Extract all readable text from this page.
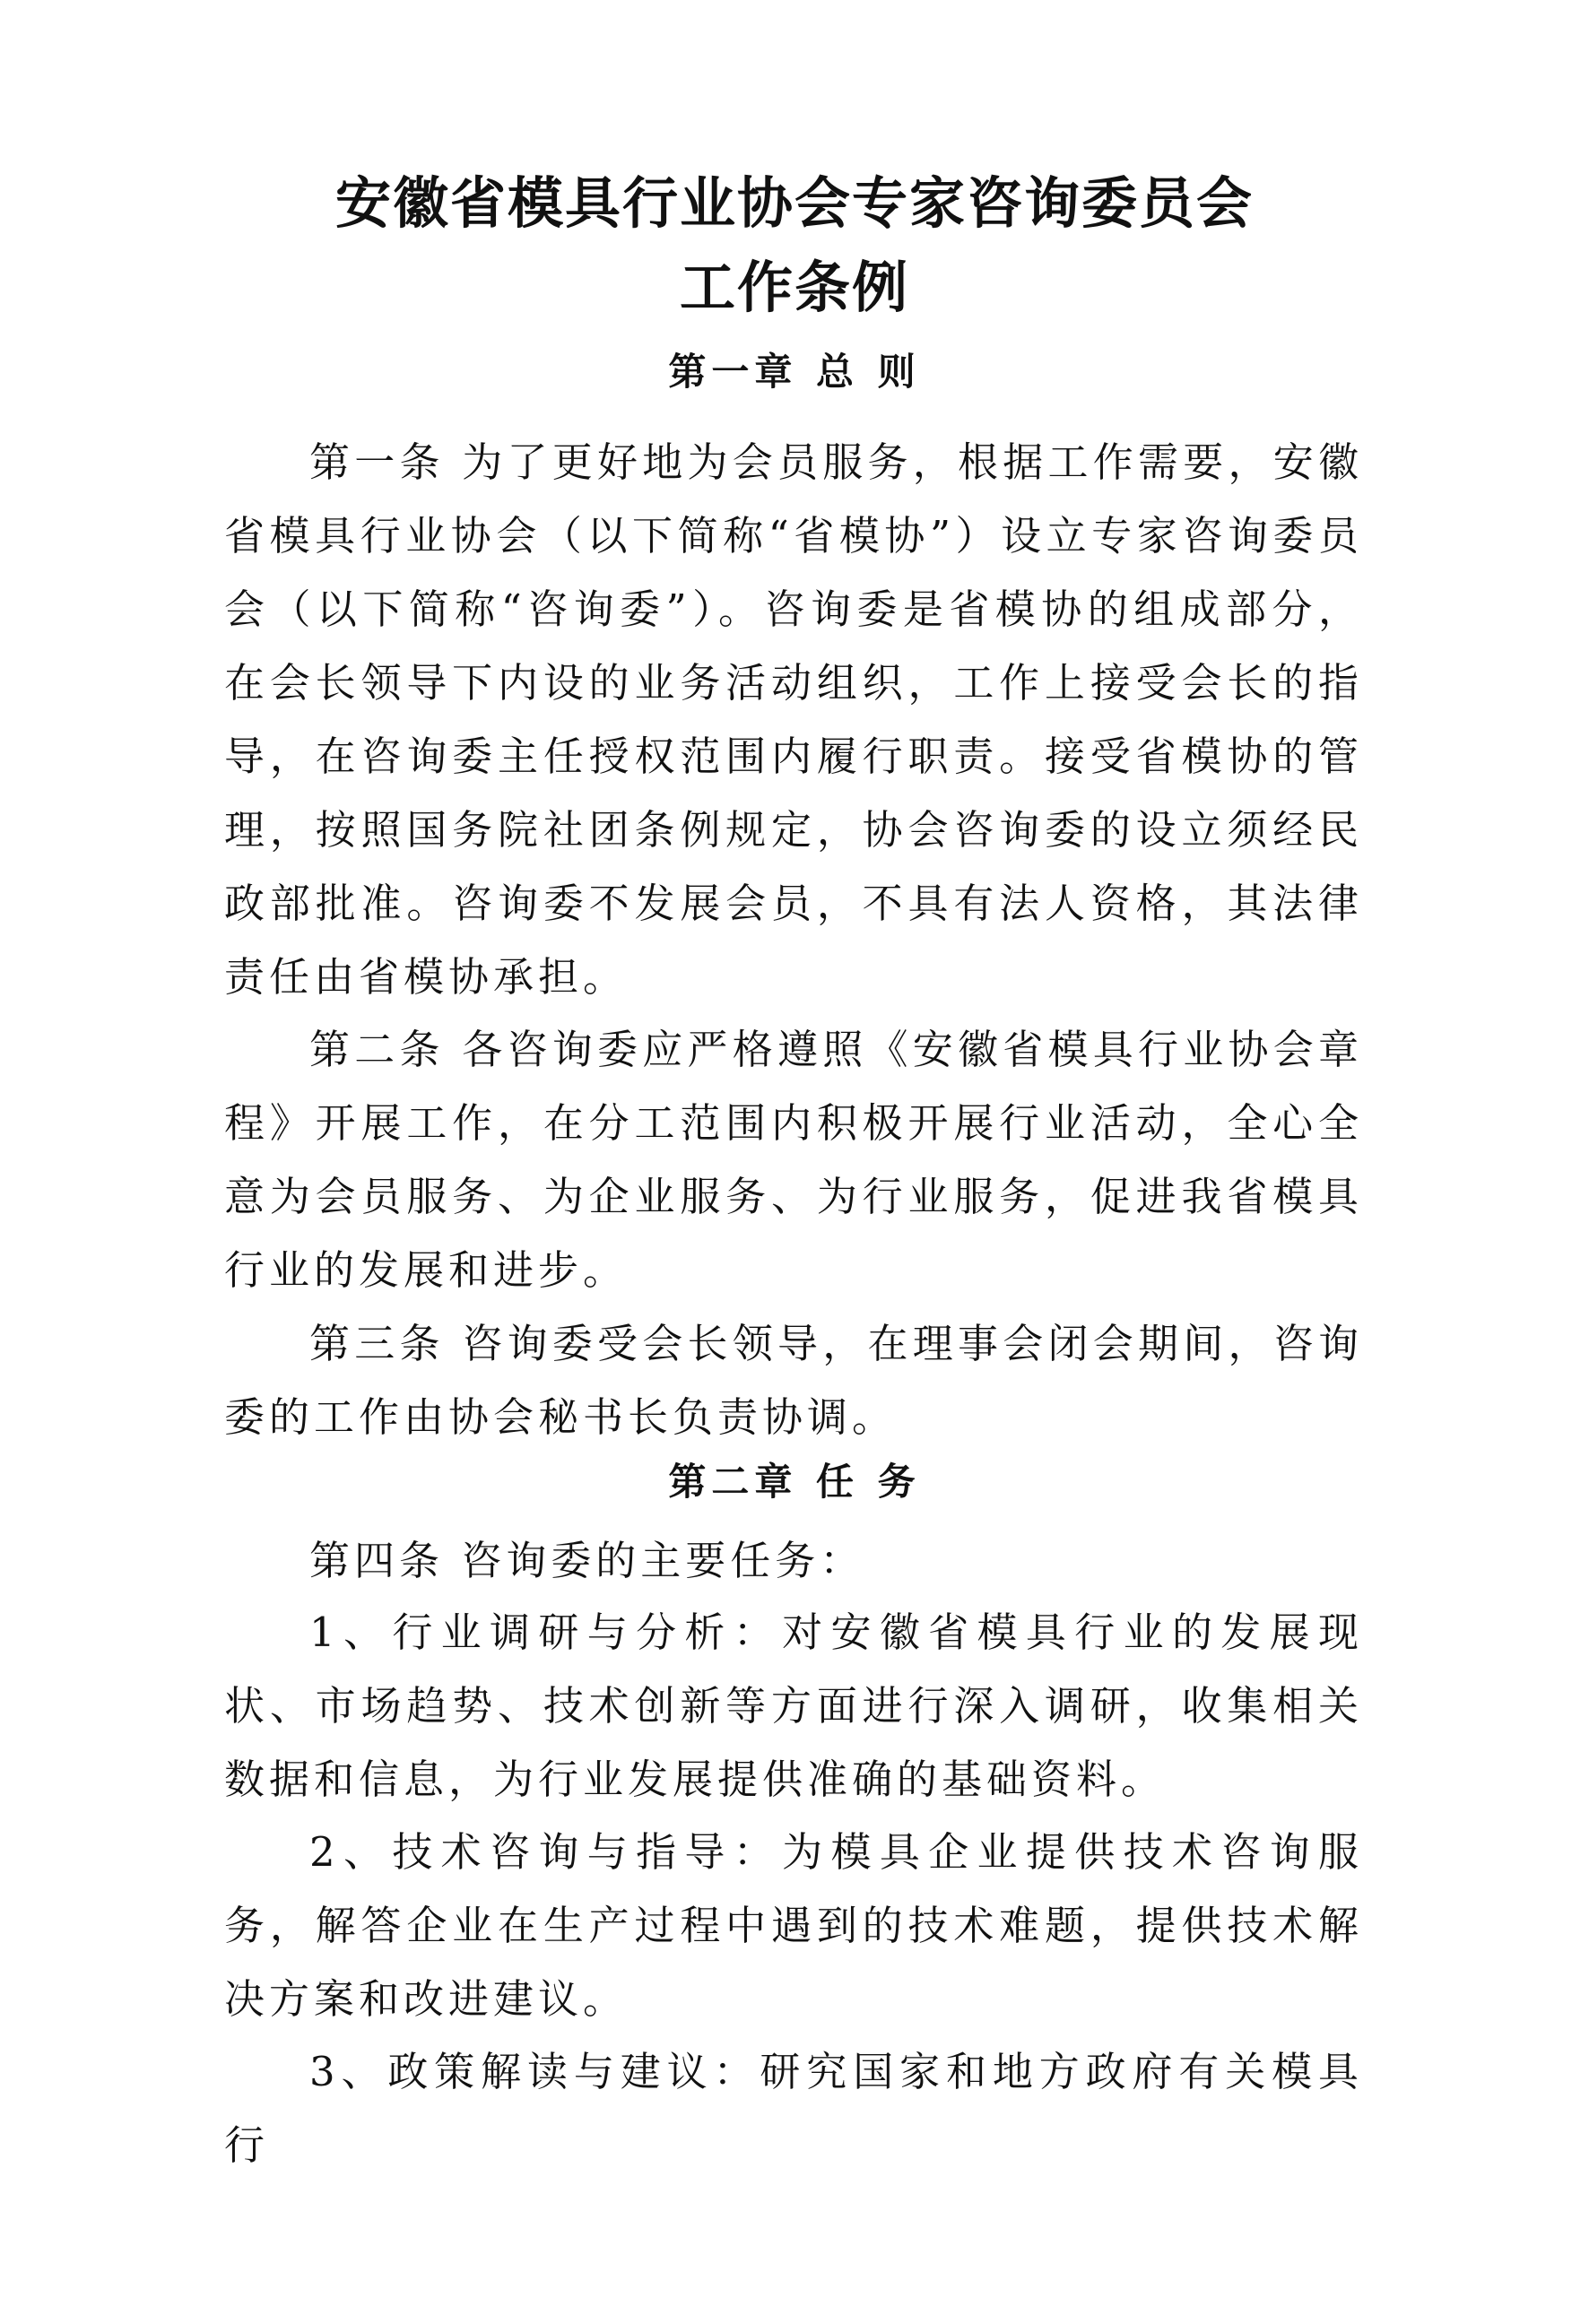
安徽省模具行业协会专家咨询委员会
工作条例
第一章 总 则

第一条 为了更好地为会员服务，根据工作需要，安徽省模具行业协会（以下简称“省模协”）设立专家咨询委员会（以下简称“咨询委”）。咨询委是省模协的组成部分，在会长领导下内设的业务活动组织，工作上接受会长的指导，在咨询委主任授权范围内履行职责。接受省模协的管理，按照国务院社团条例规定，协会咨询委的设立须经民政部批准。咨询委不发展会员，不具有法人资格，其法律责任由省模协承担。

第二条 各咨询委应严格遵照《安徽省模具行业协会章程》开展工作，在分工范围内积极开展行业活动，全心全意为会员服务、为企业服务、为行业服务，促进我省模具行业的发展和进步。

第三条 咨询委受会长领导，在理事会闭会期间，咨询委的工作由协会秘书长负责协调。

第二章 任 务

第四条 咨询委的主要任务：

1、行业调研与分析：对安徽省模具行业的发展现状、市场趋势、技术创新等方面进行深入调研，收集相关数据和信息，为行业发展提供准确的基础资料。

2、技术咨询与指导：为模具企业提供技术咨询服务，解答企业在生产过程中遇到的技术难题，提供技术解决方案和改进建议。

3、政策解读与建议：研究国家和地方政府有关模具行
